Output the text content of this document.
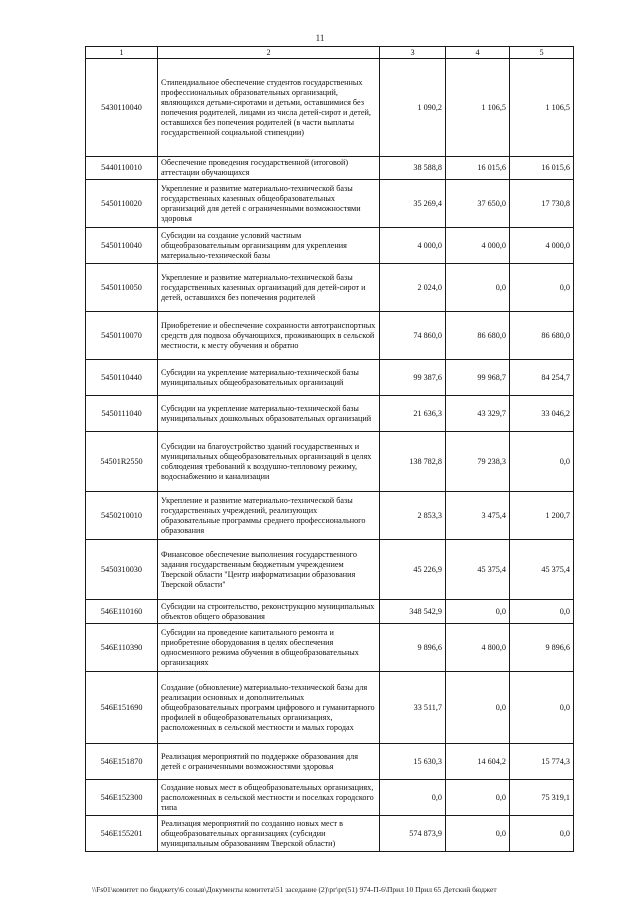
11
1	2	3	4	5
5430110040	Стипендиальное обеспечение студентов государственных профессиональных образовательных организаций, являющихся детьми-сиротами и детьми, оставшимися без попечения родителей, лицами из числа детей-сирот и детей, оставшихся без попечения родителей (в части выплаты государственной социальной стипендии)	1 090,2	1 106,5	1 106,5
5440110010	Обеспечение проведения государственной (итоговой) аттестации обучающихся	38 588,8	16 015,6	16 015,6
5450110020	Укрепление и развитие материально-технической базы государственных казенных общеобразовательных организаций для детей с ограниченными возможностями здоровья	35 269,4	37 650,0	17 730,8
5450110040	Субсидии на создание условий частным общеобразовательным организациям для укрепления материально-технической базы	4 000,0	4 000,0	4 000,0
5450110050	Укрепление и развитие материально-технической базы государственных казенных организаций для детей-сирот и детей, оставшихся без попечения родителей	2 024,0	0,0	0,0
5450110070	Приобретение и обеспечение сохранности автотранспортных средств для подвоза обучающихся, проживающих в сельской местности, к месту обучения и обратно	74 860,0	86 680,0	86 680,0
5450110440	Субсидии на укрепление материально-технической базы муниципальных общеобразовательных организаций	99 387,6	99 968,7	84 254,7
5450111040	Субсидии на укрепление материально-технической базы муниципальных дошкольных образовательных организаций	21 636,3	43 329,7	33 046,2
54501R2550	Субсидии на благоустройство зданий государственных и муниципальных общеобразовательных организаций в целях соблюдения требований к воздушно-тепловому режиму, водоснабжению и канализации	138 782,8	79 238,3	0,0
5450210010	Укрепление и развитие материально-технической базы государственных учреждений, реализующих образовательные программы среднего профессионального образования	2 853,3	3 475,4	1 200,7
5450310030	Финансовое обеспечение выполнения государственного задания государственным бюджетным учреждением Тверской области "Центр информатизации образования Тверской области"	45 226,9	45 375,4	45 375,4
546E110160	Субсидии на строительство, реконструкцию муниципальных объектов общего образования	348 542,9	0,0	0,0
546E110390	Субсидии на проведение капитального ремонта и приобретение оборудования в целях обеспечения односменного режима обучения в общеобразовательных организациях	9 896,6	4 800,0	9 896,6
546E151690	Создание (обновление) материально-технической базы для реализации основных и дополнительных общеобразовательных программ цифрового и гуманитарного профилей в общеобразовательных организациях, расположенных в сельской местности и малых городах	33 511,7	0,0	0,0
546E151870	Реализация мероприятий по поддержке образования для детей с ограниченными возможностями здоровья	15 630,3	14 604,2	15 774,3
546E152300	Создание новых мест в общеобразовательных организациях, расположенных в сельской местности и поселках городского типа	0,0	0,0	75 319,1
546E155201	Реализация мероприятий по созданию новых мест в общеобразовательных организациях (субсидии муниципальным образованиям Тверской области)	574 873,9	0,0	0,0
\\Fs01\комитет по бюджету\6 созыв\Документы комитета\51 заседание (2)\рг\рг(51) 974-П-6\Прил 10 Прил 65 Детский бюджет
